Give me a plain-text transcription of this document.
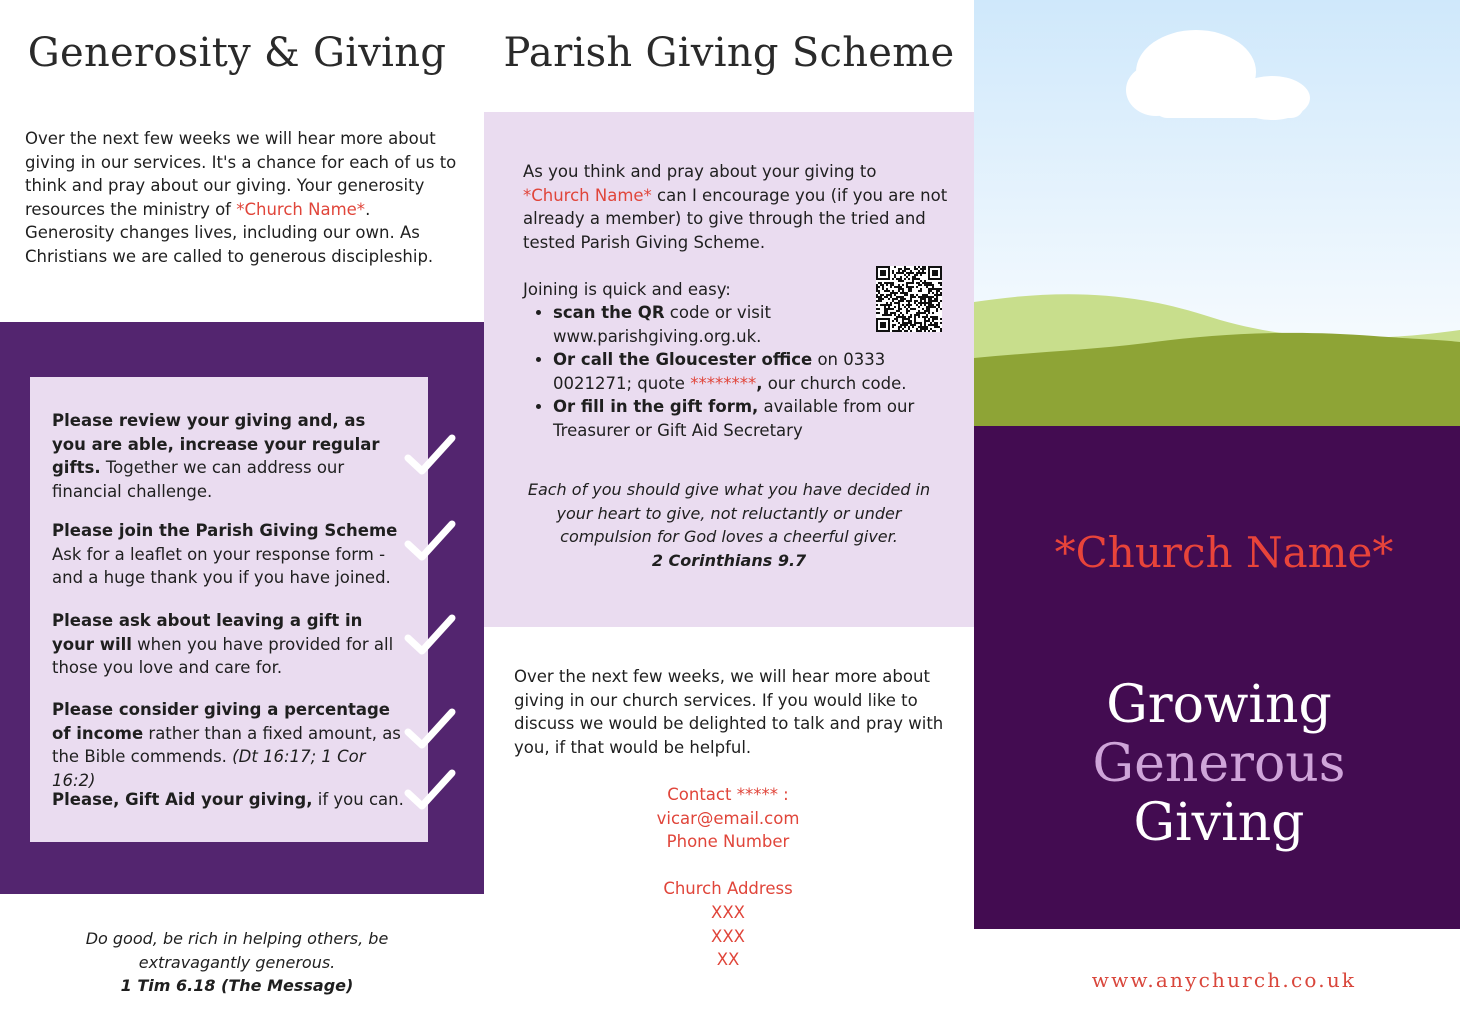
Generosity & Giving

Over the next few weeks we will hear more about giving in our services. It's a chance for each of us to think and pray about our giving. Your generosity resources the ministry of *Church Name*. Generosity changes lives, including our own. As Christians we are called to generous discipleship.

Please review your giving and, as you are able, increase your regular gifts. Together we can address our financial challenge.

Please join the Parish Giving Scheme Ask for a leaflet on your response form - and a huge thank you if you have joined.

Please ask about leaving a gift in your will when you have provided for all those you love and care for.

Please consider giving a percentage of income rather than a fixed amount, as the Bible commends. (Dt 16:17; 1 Cor 16:2)

Please, Gift Aid your giving, if you can.

Do good, be rich in helping others, be extravagantly generous.
1 Tim 6.18 (The Message)
Parish Giving Scheme

As you think and pray about your giving to *Church Name* can I encourage you (if you are not already a member) to give through the tried and tested Parish Giving Scheme.

Joining is quick and easy:

• scan the QR code or visit www.parishgiving.org.uk.
• Or call the Gloucester office on 0333 0021271; quote ********, our church code.
• Or fill in the gift form, available from our Treasurer or Gift Aid Secretary
Each of you should give what you have decided in your heart to give, not reluctantly or under compulsion for God loves a cheerful giver.
2 Corinthians 9.7

Over the next few weeks, we will hear more about giving in our church services. If you would like to discuss we would be delighted to talk and pray with you, if that would be helpful.

Contact ***** :
vicar@email.com
Phone Number
Church Address
XXX
XXX
XX
*Church Name*
Growing
Generous
Giving
www.anychurch.co.uk
